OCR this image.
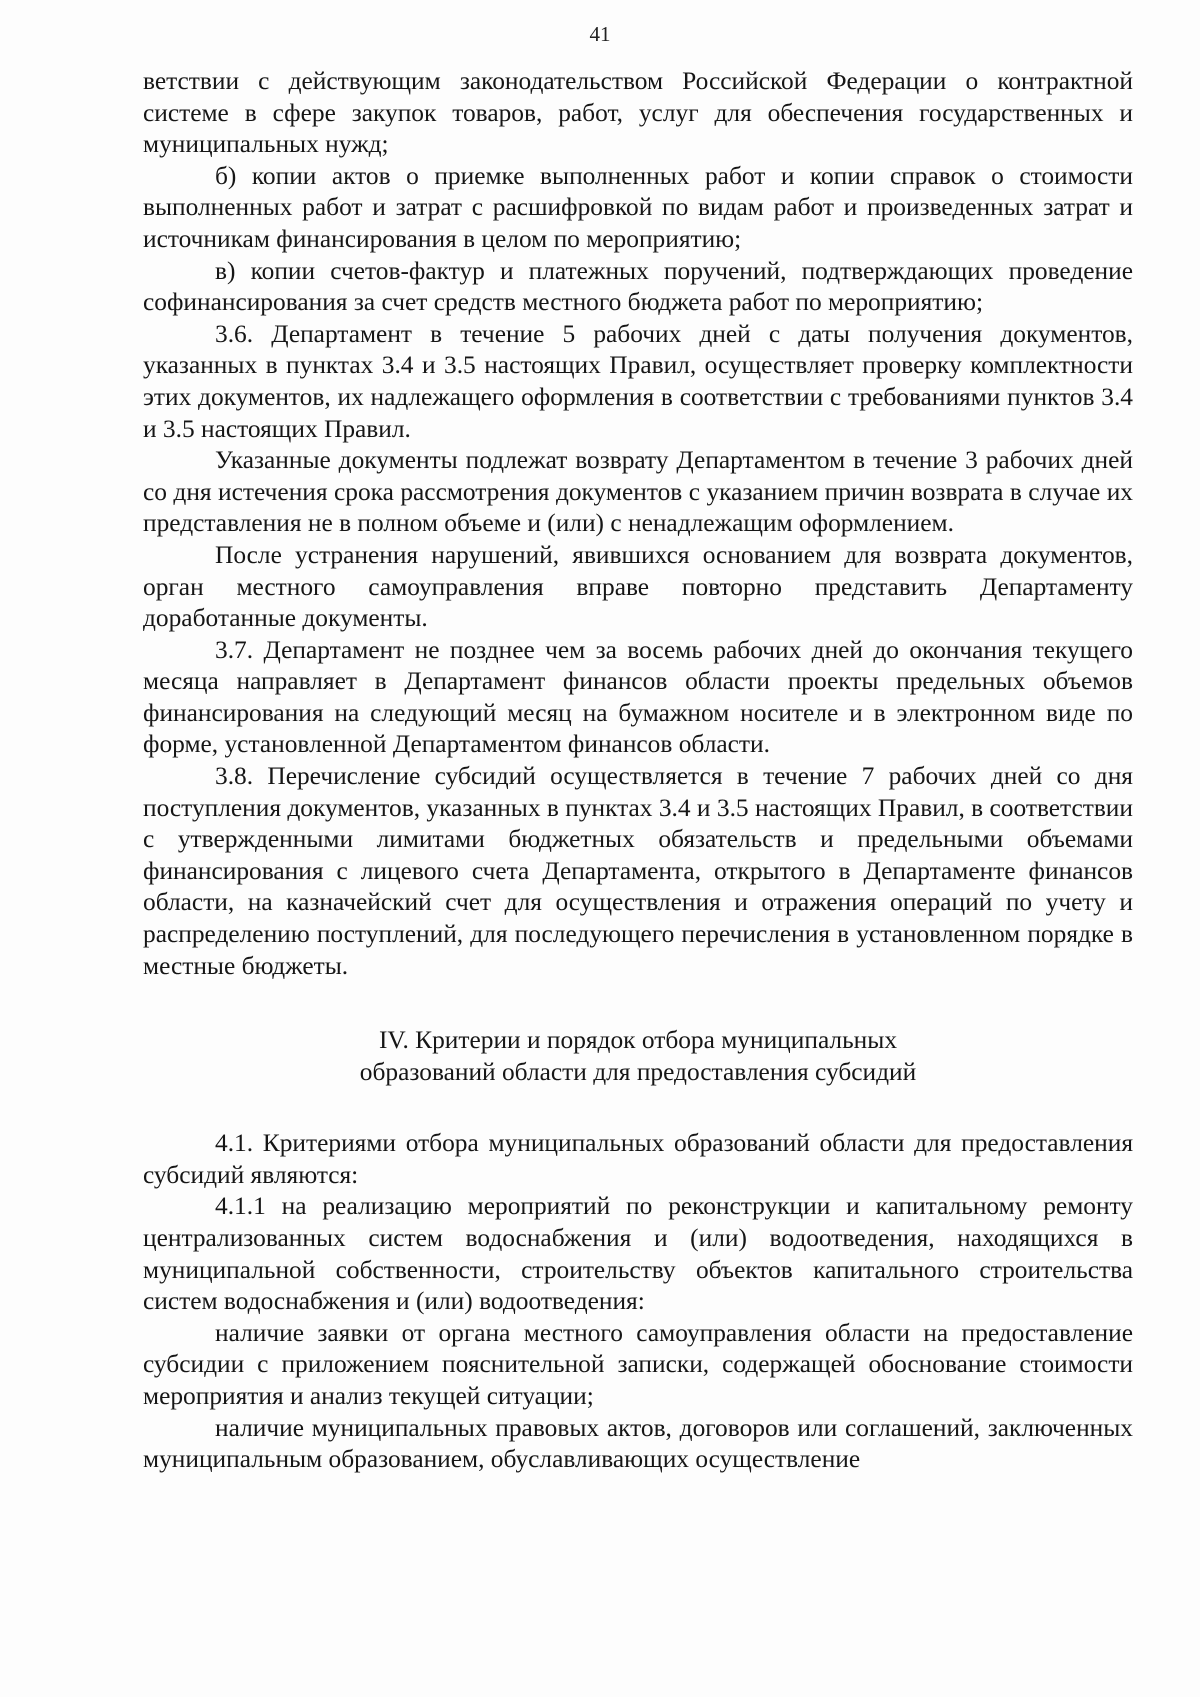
41

ветствии с действующим законодательством Российской Федерации о контрактной системе в сфере закупок товаров, работ, услуг для обеспечения государственных и муниципальных нужд;

б) копии актов о приемке выполненных работ и копии справок о стоимости выполненных работ и затрат с расшифровкой по видам работ и произведенных затрат и источникам финансирования в целом по мероприятию;

в) копии счетов-фактур и платежных поручений, подтверждающих проведение софинансирования за счет средств местного бюджета работ по мероприятию;

3.6. Департамент в течение 5 рабочих дней с даты получения документов, указанных в пунктах 3.4 и 3.5 настоящих Правил, осуществляет проверку комплектности этих документов, их надлежащего оформления в соответствии с требованиями пунктов 3.4 и 3.5 настоящих Правил.

Указанные документы подлежат возврату Департаментом в течение 3 рабочих дней со дня истечения срока рассмотрения документов с указанием причин возврата в случае их представления не в полном объеме и (или) с ненадлежащим оформлением.

После устранения нарушений, явившихся основанием для возврата документов, орган местного самоуправления вправе повторно представить Департаменту доработанные документы.

3.7. Департамент не позднее чем за восемь рабочих дней до окончания текущего месяца направляет в Департамент финансов области проекты предельных объемов финансирования на следующий месяц на бумажном носителе и в электронном виде по форме, установленной Департаментом финансов области.

3.8. Перечисление субсидий осуществляется в течение 7 рабочих дней со дня поступления документов, указанных в пунктах 3.4 и 3.5 настоящих Правил, в соответствии с утвержденными лимитами бюджетных обязательств и предельными объемами финансирования с лицевого счета Департамента, открытого в Департаменте финансов области, на казначейский счет для осуществления и отражения операций по учету и распределению поступлений, для последующего перечисления в установленном порядке в местные бюджеты.

IV. Критерии и порядок отбора муниципальных
образований области для предоставления субсидий

4.1. Критериями отбора муниципальных образований области для предоставления субсидий являются:

4.1.1 на реализацию мероприятий по реконструкции и капитальному ремонту централизованных систем водоснабжения и (или) водоотведения, находящихся в муниципальной собственности, строительству объектов капитального строительства систем водоснабжения и (или) водоотведения:

наличие заявки от органа местного самоуправления области на предоставление субсидии с приложением пояснительной записки, содержащей обоснование стоимости мероприятия и анализ текущей ситуации;

наличие муниципальных правовых актов, договоров или соглашений, заключенных муниципальным образованием, обуславливающих осуществление
